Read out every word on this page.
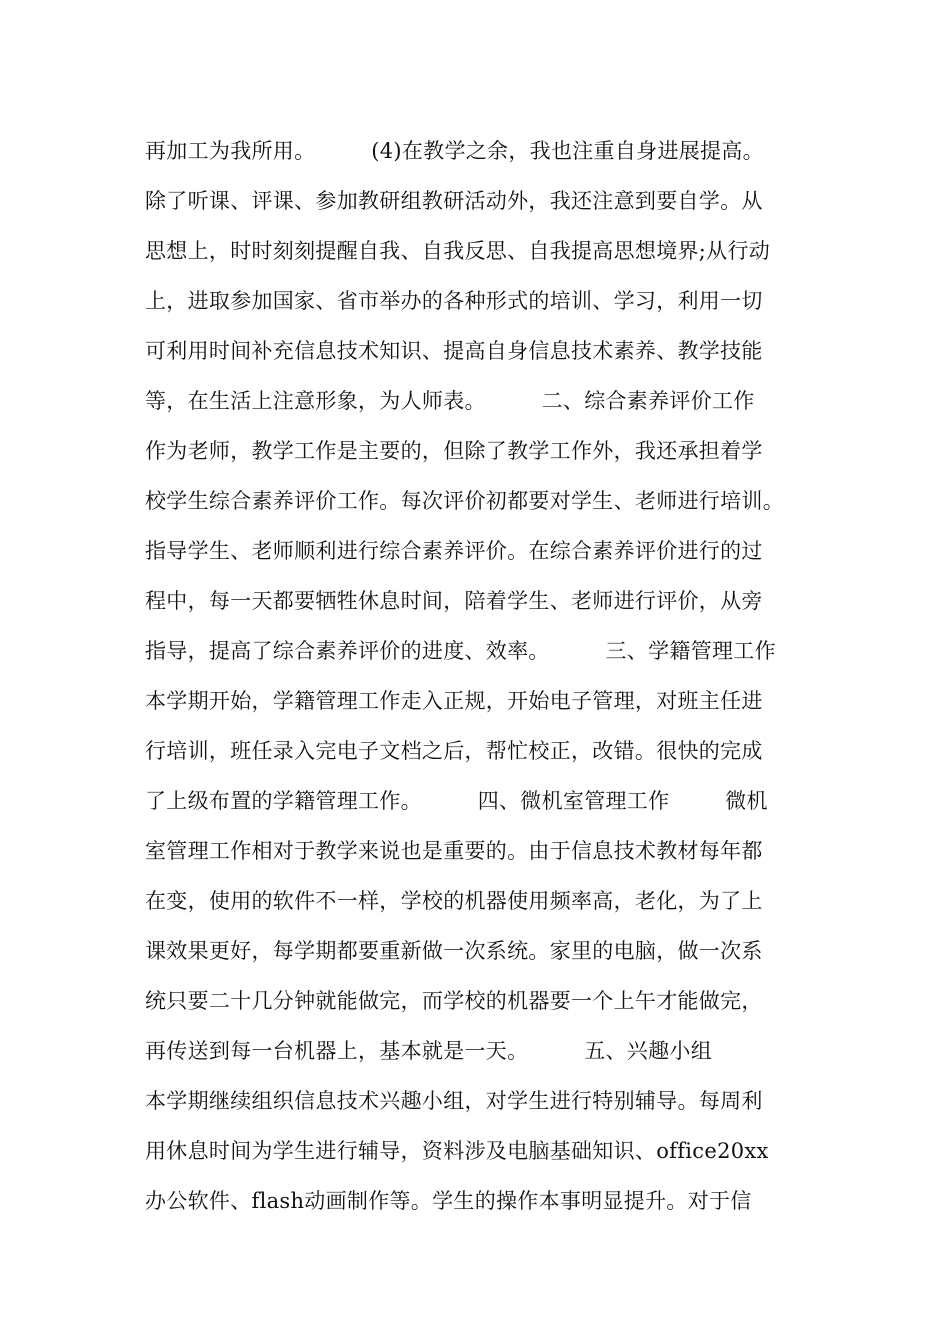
再加工为我所用。        (4)在教学之余，我也注重自身进展提高。
除了听课、评课、参加教研组教研活动外，我还注意到要自学。从
思想上，时时刻刻提醒自我、自我反思、自我提高思想境界;从行动
上，进取参加国家、省市举办的各种形式的培训、学习，利用一切
可利用时间补充信息技术知识、提高自身信息技术素养、教学技能
等，在生活上注意形象，为人师表。        二、综合素养评价工作
作为老师，教学工作是主要的，但除了教学工作外，我还承担着学
校学生综合素养评价工作。每次评价初都要对学生、老师进行培训。
指导学生、老师顺利进行综合素养评价。在综合素养评价进行的过
程中，每一天都要牺牲休息时间，陪着学生、老师进行评价，从旁
指导，提高了综合素养评价的进度、效率。        三、学籍管理工作
本学期开始，学籍管理工作走入正规，开始电子管理，对班主任进
行培训，班任录入完电子文档之后，帮忙校正，改错。很快的完成
了上级布置的学籍管理工作。        四、微机室管理工作        微机
室管理工作相对于教学来说也是重要的。由于信息技术教材每年都
在变，使用的软件不一样，学校的机器使用频率高，老化，为了上
课效果更好，每学期都要重新做一次系统。家里的电脑，做一次系
统只要二十几分钟就能做完，而学校的机器要一个上午才能做完，
再传送到每一台机器上，基本就是一天。        五、兴趣小组
本学期继续组织信息技术兴趣小组，对学生进行特别辅导。每周利
用休息时间为学生进行辅导，资料涉及电脑基础知识、office20xx
办公软件、flash动画制作等。学生的操作本事明显提升。对于信
